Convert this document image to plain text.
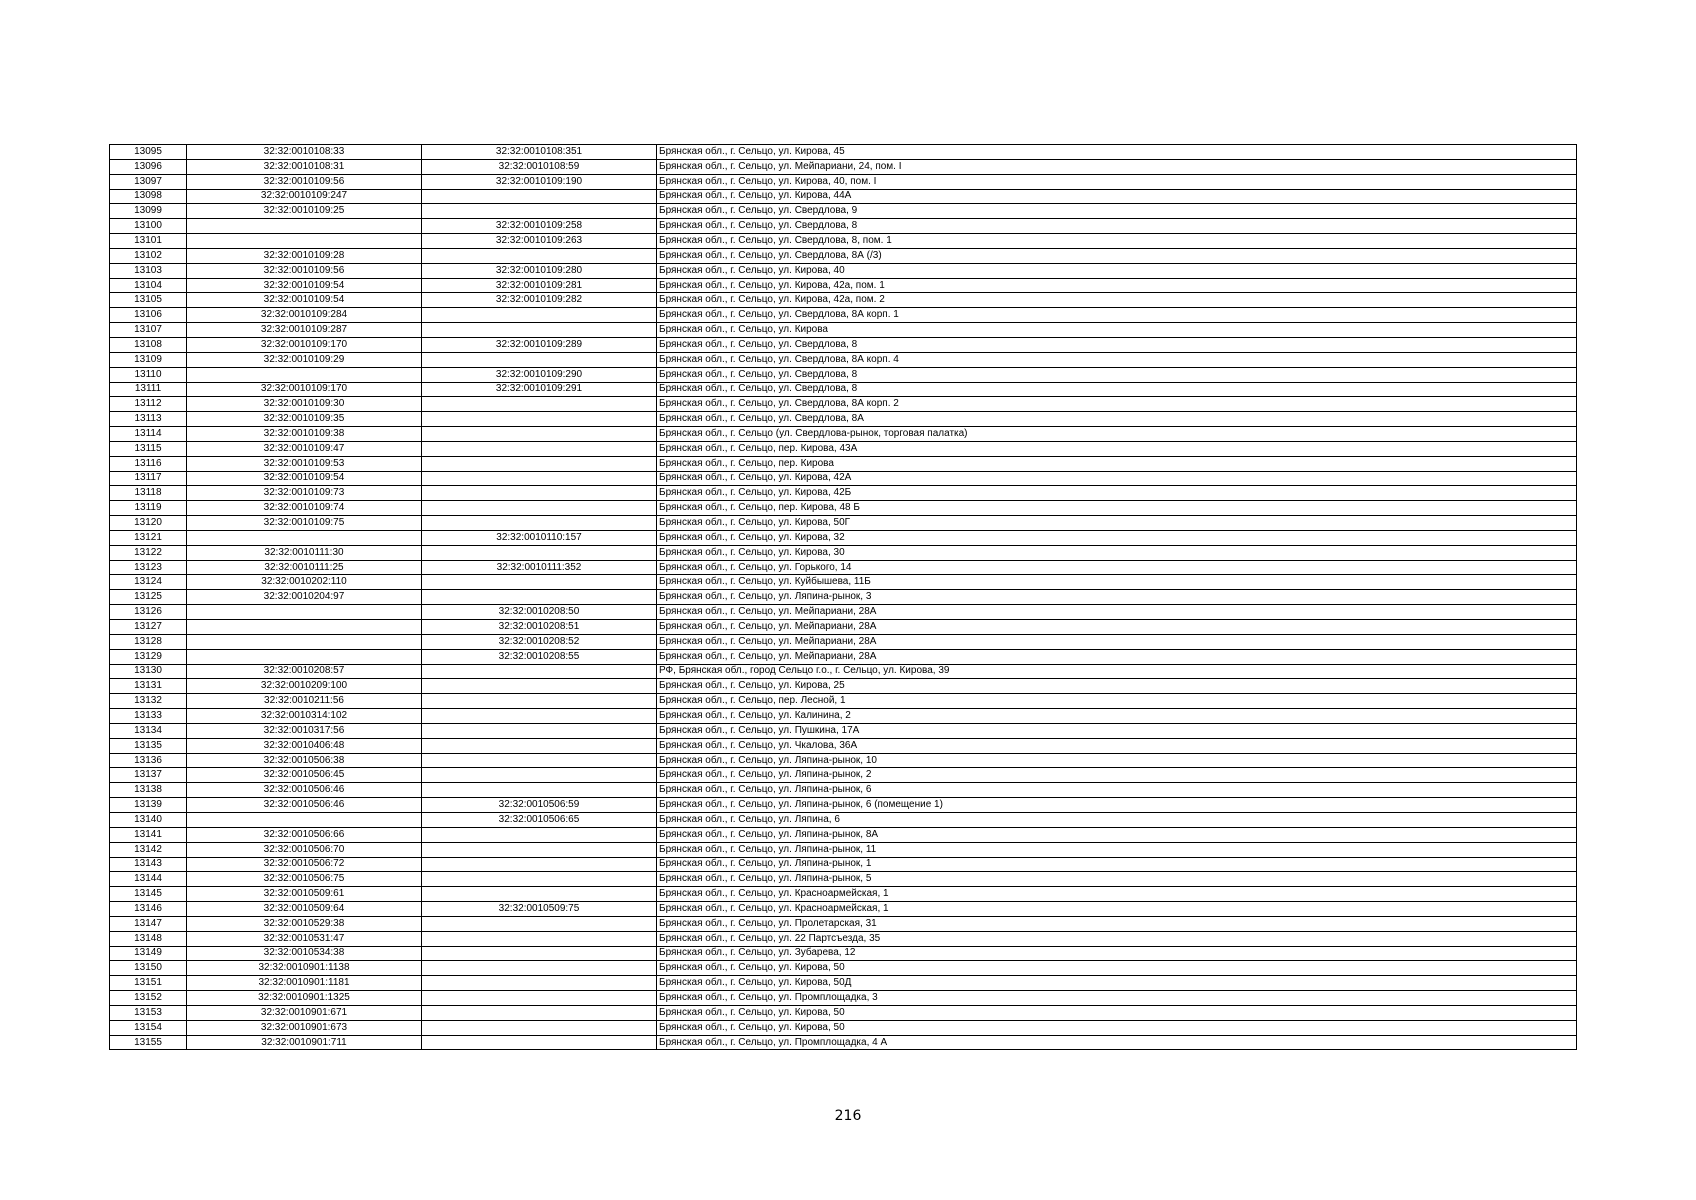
13095	32:32:0010108:33	32:32:0010108:351	Брянская обл., г. Сельцо, ул. Кирова, 45
13096	32:32:0010108:31	32:32:0010108:59	Брянская обл., г. Сельцо, ул. Мейпариани, 24, пом. I
13097	32:32:0010109:56	32:32:0010109:190	Брянская обл., г. Сельцо, ул. Кирова, 40, пом. I
13098	32:32:0010109:247		Брянская обл., г. Сельцо, ул. Кирова, 44А
13099	32:32:0010109:25		Брянская обл., г. Сельцо, ул. Свердлова, 9
13100		32:32:0010109:258	Брянская обл., г. Сельцо, ул. Свердлова, 8
13101		32:32:0010109:263	Брянская обл., г. Сельцо, ул. Свердлова, 8, пом. 1
13102	32:32:0010109:28		Брянская обл., г. Сельцо, ул. Свердлова, 8А (/3)
13103	32:32:0010109:56	32:32:0010109:280	Брянская обл., г. Сельцо, ул. Кирова, 40
13104	32:32:0010109:54	32:32:0010109:281	Брянская обл., г. Сельцо, ул. Кирова, 42а, пом. 1
13105	32:32:0010109:54	32:32:0010109:282	Брянская обл., г. Сельцо, ул. Кирова, 42а, пом. 2
13106	32:32:0010109:284		Брянская обл., г. Сельцо, ул. Свердлова, 8А корп. 1
13107	32:32:0010109:287		Брянская обл., г. Сельцо, ул. Кирова
13108	32:32:0010109:170	32:32:0010109:289	Брянская обл., г. Сельцо, ул. Свердлова, 8
13109	32:32:0010109:29		Брянская обл., г. Сельцо, ул. Свердлова, 8А корп. 4
13110		32:32:0010109:290	Брянская обл., г. Сельцо, ул. Свердлова, 8
13111	32:32:0010109:170	32:32:0010109:291	Брянская обл., г. Сельцо, ул. Свердлова, 8
13112	32:32:0010109:30		Брянская обл., г. Сельцо, ул. Свердлова, 8А корп. 2
13113	32:32:0010109:35		Брянская обл., г. Сельцо, ул. Свердлова, 8А
13114	32:32:0010109:38		Брянская обл., г. Сельцо (ул. Свердлова-рынок, торговая палатка)
13115	32:32:0010109:47		Брянская обл., г. Сельцо, пер. Кирова, 43А
13116	32:32:0010109:53		Брянская обл., г. Сельцо, пер. Кирова
13117	32:32:0010109:54		Брянская обл., г. Сельцо, ул. Кирова, 42А
13118	32:32:0010109:73		Брянская обл., г. Сельцо, ул. Кирова, 42Б
13119	32:32:0010109:74		Брянская обл., г. Сельцо, пер. Кирова, 48 Б
13120	32:32:0010109:75		Брянская обл., г. Сельцо, ул. Кирова, 50Г
13121		32:32:0010110:157	Брянская обл., г. Сельцо, ул. Кирова, 32
13122	32:32:0010111:30		Брянская обл., г. Сельцо, ул. Кирова, 30
13123	32:32:0010111:25	32:32:0010111:352	Брянская обл., г. Сельцо, ул. Горького, 14
13124	32:32:0010202:110		Брянская обл., г. Сельцо, ул. Куйбышева, 11Б
13125	32:32:0010204:97		Брянская обл., г. Сельцо, ул. Ляпина-рынок, 3
13126		32:32:0010208:50	Брянская обл., г. Сельцо, ул. Мейпариани, 28А
13127		32:32:0010208:51	Брянская обл., г. Сельцо, ул. Мейпариани, 28А
13128		32:32:0010208:52	Брянская обл., г. Сельцо, ул. Мейпариани, 28А
13129		32:32:0010208:55	Брянская обл., г. Сельцо, ул. Мейпариани, 28А
13130	32:32:0010208:57		РФ, Брянская обл., город Сельцо г.о., г. Сельцо, ул. Кирова, 39
13131	32:32:0010209:100		Брянская обл., г. Сельцо, ул. Кирова, 25
13132	32:32:0010211:56		Брянская обл., г. Сельцо, пер. Лесной, 1
13133	32:32:0010314:102		Брянская обл., г. Сельцо, ул. Калинина, 2
13134	32:32:0010317:56		Брянская обл., г. Сельцо, ул. Пушкина, 17А
13135	32:32:0010406:48		Брянская обл., г. Сельцо, ул. Чкалова, 36А
13136	32:32:0010506:38		Брянская обл., г. Сельцо, ул. Ляпина-рынок, 10
13137	32:32:0010506:45		Брянская обл., г. Сельцо, ул. Ляпина-рынок, 2
13138	32:32:0010506:46		Брянская обл., г. Сельцо, ул. Ляпина-рынок, 6
13139	32:32:0010506:46	32:32:0010506:59	Брянская обл., г. Сельцо, ул. Ляпина-рынок, 6 (помещение 1)
13140		32:32:0010506:65	Брянская обл., г. Сельцо, ул. Ляпина, 6
13141	32:32:0010506:66		Брянская обл., г. Сельцо, ул. Ляпина-рынок, 8А
13142	32:32:0010506:70		Брянская обл., г. Сельцо, ул. Ляпина-рынок, 11
13143	32:32:0010506:72		Брянская обл., г. Сельцо, ул. Ляпина-рынок, 1
13144	32:32:0010506:75		Брянская обл., г. Сельцо, ул. Ляпина-рынок, 5
13145	32:32:0010509:61		Брянская обл., г. Сельцо, ул. Красноармейская, 1
13146	32:32:0010509:64	32:32:0010509:75	Брянская обл., г. Сельцо, ул. Красноармейская, 1
13147	32:32:0010529:38		Брянская обл., г. Сельцо, ул. Пролетарская, 31
13148	32:32:0010531:47		Брянская обл., г. Сельцо, ул. 22 Партсъезда, 35
13149	32:32:0010534:38		Брянская обл., г. Сельцо, ул. Зубарева, 12
13150	32:32:0010901:1138		Брянская обл., г. Сельцо, ул. Кирова, 50
13151	32:32:0010901:1181		Брянская обл., г. Сельцо, ул. Кирова, 50Д
13152	32:32:0010901:1325		Брянская обл., г. Сельцо, ул. Промплощадка, 3
13153	32:32:0010901:671		Брянская обл., г. Сельцо, ул. Кирова, 50
13154	32:32:0010901:673		Брянская обл., г. Сельцо, ул. Кирова, 50
13155	32:32:0010901:711		Брянская обл., г. Сельцо, ул. Промплощадка, 4 А
216
